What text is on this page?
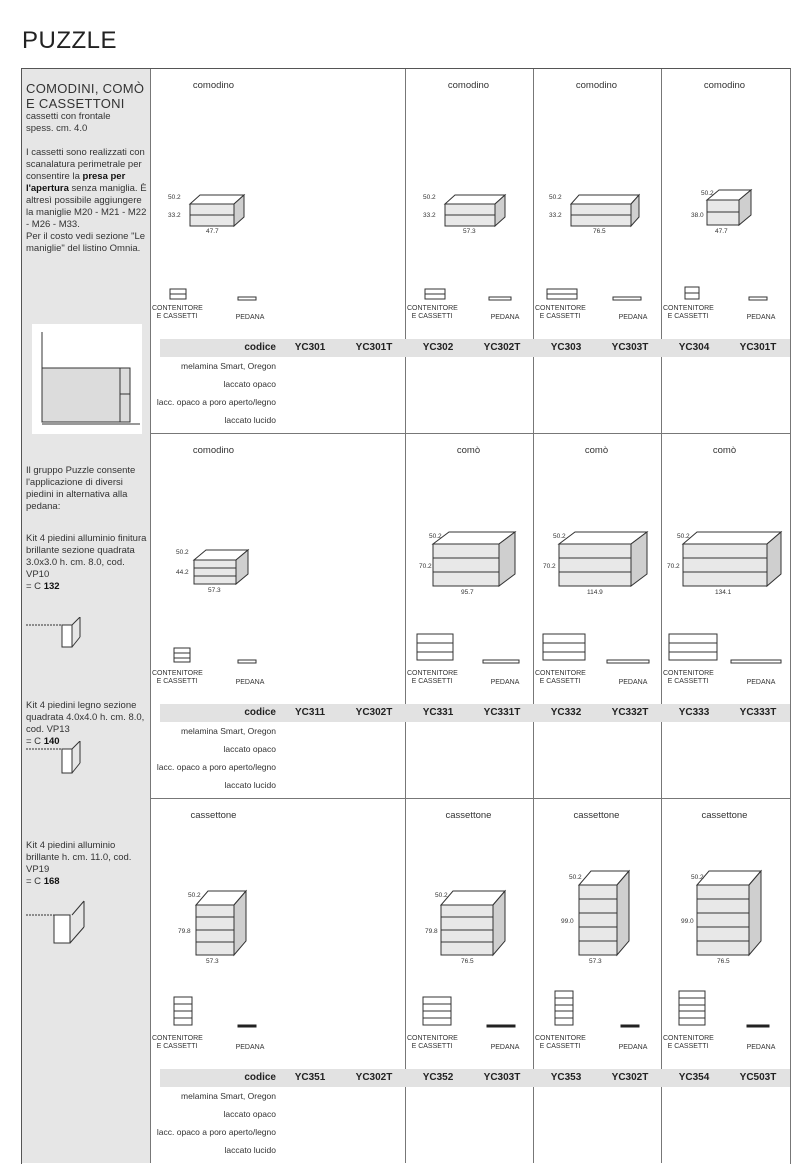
PUZZLE
COMODINI, COMÒ E CASSETTONI
cassetti con frontale
spess. cm. 4.0
I cassetti sono realizzati con scanalatura perimetrale per consentire la presa per l'apertura senza maniglia. È altresì possibile aggiungere la maniglie M20 - M21 - M22 - M26 - M33.
Per il costo vedi sezione "Le maniglie" del listino Omnia.
Il gruppo Puzzle consente l'applicazione di diversi piedini in alternativa alla pedana:
Kit 4 piedini alluminio finitura brillante sezione quadrata 3.0x3.0 h. cm. 8.0, cod. VP10
= C 132
Kit 4 piedini legno sezione quadrata 4.0x4.0 h. cm. 8.0, cod. VP13
= C 140
Kit 4 piedini alluminio brillante h. cm. 11.0, cod. VP19
= C 168
comodino
50.2
33.2
47.7
CONTENITORE E CASSETTI	PEDANA
comodino
50.2
33.2
57.3
CONTENITORE E CASSETTI	PEDANA
comodino
50.2
33.2
76.5
CONTENITORE E CASSETTI	PEDANA
comodino
50.2
38.0
47.7
CONTENITORE E CASSETTI	PEDANA
codice	YC301	YC301T	YC302	YC302T	YC303	YC303T	YC304	YC301T
melamina Smart, Oregon
laccato opaco
lacc. opaco a poro aperto/legno
laccato lucido
comodino
50.2
44.2
57.3
CONTENITORE E CASSETTI	PEDANA
comò
50.2
70.2
95.7
CONTENITORE E CASSETTI	PEDANA
comò
50.2
70.2
114.9
CONTENITORE E CASSETTI	PEDANA
comò
50.2
70.2
134.1
CONTENITORE E CASSETTI	PEDANA
codice	YC311	YC302T	YC331	YC331T	YC332	YC332T	YC333	YC333T
melamina Smart, Oregon
laccato opaco
lacc. opaco a poro aperto/legno
laccato lucido
cassettone
50.2
79.8
57.3
CONTENITORE E CASSETTI	PEDANA
cassettone
50.2
79.8
76.5
CONTENITORE E CASSETTI	PEDANA
cassettone
50.2
99.0
57.3
CONTENITORE E CASSETTI	PEDANA
cassettone
50.2
99.0
76.5
CONTENITORE E CASSETTI	PEDANA
codice	YC351	YC302T	YC352	YC303T	YC353	YC302T	YC354	YC503T
melamina Smart, Oregon
laccato opaco
lacc. opaco a poro aperto/legno
laccato lucido
